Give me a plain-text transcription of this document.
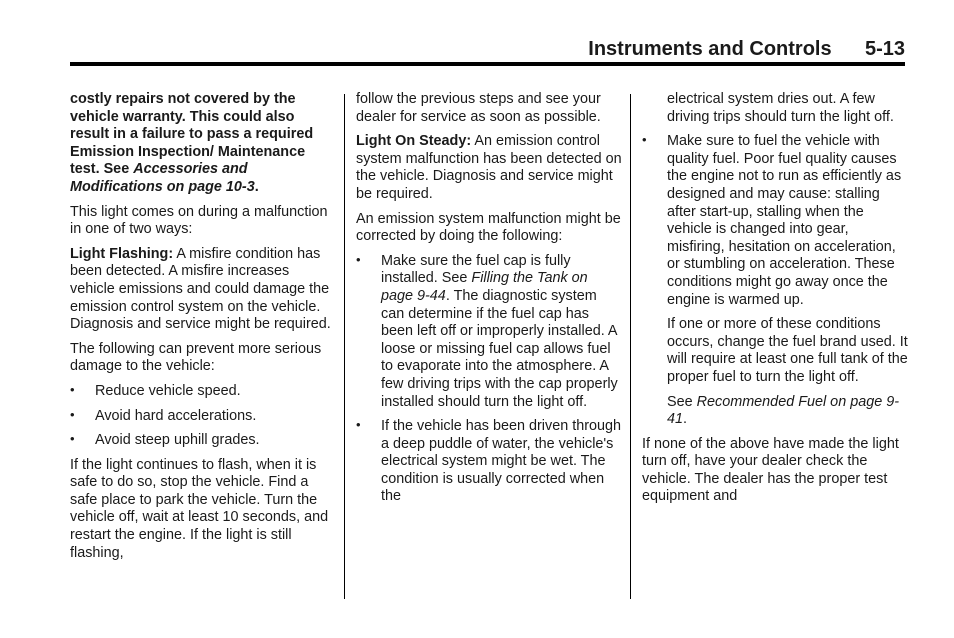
Instruments and Controls 5-13

costly repairs not covered by the vehicle warranty. This could also result in a failure to pass a required Emission Inspection/ Maintenance test. See Accessories and Modifications on page 10-3.

This light comes on during a malfunction in one of two ways:

Light Flashing: A misfire condition has been detected. A misfire increases vehicle emissions and could damage the emission control system on the vehicle. Diagnosis and service might be required.

The following can prevent more serious damage to the vehicle:

• Reduce vehicle speed.
• Avoid hard accelerations.
• Avoid steep uphill grades.

If the light continues to flash, when it is safe to do so, stop the vehicle. Find a safe place to park the vehicle. Turn the vehicle off, wait at least 10 seconds, and restart the engine. If the light is still flashing,

follow the previous steps and see your dealer for service as soon as possible.

Light On Steady: An emission control system malfunction has been detected on the vehicle. Diagnosis and service might be required.

An emission system malfunction might be corrected by doing the following:

• Make sure the fuel cap is fully installed. See Filling the Tank on page 9-44. The diagnostic system can determine if the fuel cap has been left off or improperly installed. A loose or missing fuel cap allows fuel to evaporate into the atmosphere. A few driving trips with the cap properly installed should turn the light off.
• If the vehicle has been driven through a deep puddle of water, the vehicle's electrical system might be wet. The condition is usually corrected when the

electrical system dries out. A few driving trips should turn the light off.

• Make sure to fuel the vehicle with quality fuel. Poor fuel quality causes the engine not to run as efficiently as designed and may cause: stalling after start-up, stalling when the vehicle is changed into gear, misfiring, hesitation on acceleration, or stumbling on acceleration. These conditions might go away once the engine is warmed up.

If one or more of these conditions occurs, change the fuel brand used. It will require at least one full tank of the proper fuel to turn the light off.

See Recommended Fuel on page 9-41.

If none of the above have made the light turn off, have your dealer check the vehicle. The dealer has the proper test equipment and
